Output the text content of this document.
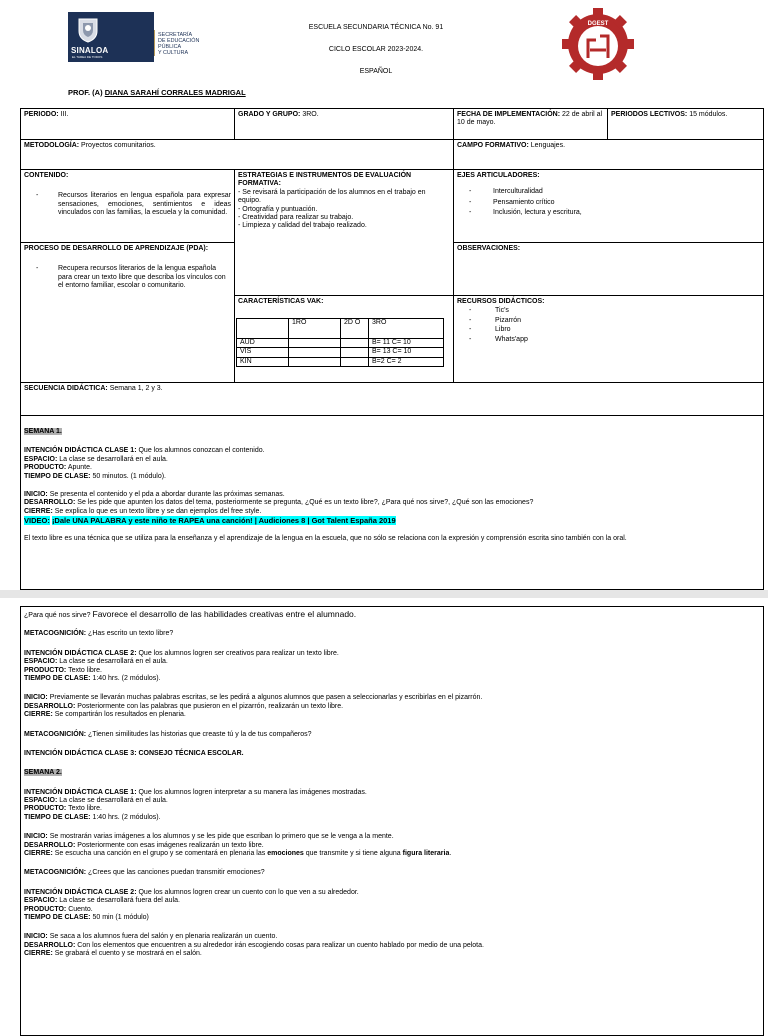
SINALOA
EL TAREA DE TODOS
SECRETARÍA
DE EDUCACIÓN
PÚBLICA
Y CULTURA
ESCUELA SECUNDARIA TÉCNICA No. 91
CICLO ESCOLAR 2023-2024.
ESPAÑOL
DGEST
PROF. (A) DIANA SARAHÍ CORRALES MADRIGAL
PERIODO: III.	GRADO Y GRUPO: 3RO.	FECHA DE IMPLEMENTACIÓN: 22 de abril al 10 de mayo.
PERIODOS LECTIVOS: 15 módulos.
METODOLOGÍA: Proyectos comunitarios.	CAMPO FORMATIVO: Lenguajes.
CONTENIDO:
- Recursos literarios en lengua española para expresar sensaciones, emociones, sentimientos e ideas vinculados con las familias, la escuela y la comunidad.
ESTRATEGIAS E INSTRUMENTOS DE EVALUACIÓN FORMATIVA:
- Se revisará la participación de los alumnos en el trabajo en equipo.
- Ortografía y puntuación.
- Creatividad para realizar su trabajo.
- Limpieza y calidad del trabajo realizado.
EJES ARTICULADORES:
- Interculturalidad
- Pensamiento crítico
- Inclusión, lectura y escritura,
PROCESO DE DESARROLLO DE APRENDIZAJE (PDA):
- Recupera recursos literarios de la lengua española para crear un texto libre que describa los vínculos con el entorno familiar, escolar o comunitario.
OBSERVACIONES:
CARACTERÍSTICAS VAK:
	1RO	2D O	3RO
AUD			B= 11 C= 10
VIS			B= 13 C= 10
KIN			B=2 C= 2
RECURSOS DIDÁCTICOS:
- Tic's
- Pizarrón
- Libro
- Whats'app
SECUENCIA DIDÁCTICA: Semana 1, 2 y 3.
SEMANA 1.

INTENCIÓN DIDÁCTICA CLASE 1: Que los alumnos conozcan el contenido.

ESPACIO: La clase se desarrollará en el aula.

PRODUCTO: Apunte.

TIEMPO DE CLASE: 50 minutos. (1 módulo).

INICIO: Se presenta el contenido y el pda a abordar durante las próximas semanas.

DESARROLLO: Se les pide que apunten los datos del tema, posteriormente se pregunta, ¿Qué es un texto libre?, ¿Para qué nos sirve?, ¿Qué son las emociones?

CIERRE: Se explica lo que es un texto libre y se dan ejemplos del free style.

VIDEO: ¡Dale UNA PALABRA y este niño te RAPEA una canción! | Audiciones 8 | Got Talent España 2019

El texto libre es una técnica que se utiliza para la enseñanza y el aprendizaje de la lengua en la escuela, que no sólo se relaciona con la expresión y comprensión escrita sino también con la oral.

¿Para qué nos sirve? Favorece el desarrollo de las habilidades creativas entre el alumnado.
METACOGNICIÓN: ¿Has escrito un texto libre?

INTENCIÓN DIDÁCTICA CLASE 2: Que los alumnos logren ser creativos para realizar un texto libre.

ESPACIO: La clase se desarrollará en el aula.

PRODUCTO: Texto libre.

TIEMPO DE CLASE: 1:40 hrs. (2 módulos).

INICIO: Previamente se llevarán muchas palabras escritas, se les pedirá a algunos alumnos que pasen a seleccionarlas y escribirlas en el pizarrón.

DESARROLLO: Posteriormente con las palabras que pusieron en el pizarrón, realizarán un texto libre.

CIERRE: Se compartirán los resultados en plenaria.

METACOGNICIÓN: ¿Tienen similitudes las historias que creaste tú y la de tus compañeros?
INTENCIÓN DIDÁCTICA CLASE 3: CONSEJO TÉCNICA ESCOLAR.
SEMANA 2.

INTENCIÓN DIDÁCTICA CLASE 1: Que los alumnos logren interpretar a su manera las imágenes mostradas.

ESPACIO: La clase se desarrollará en el aula.

PRODUCTO: Texto libre.

TIEMPO DE CLASE: 1:40 hrs. (2 módulos).

INICIO: Se mostrarán varias imágenes a los alumnos y se les pide que escriban lo primero que se le venga a la mente.

DESARROLLO: Posteriormente con esas imágenes realizarán un texto libre.

CIERRE: Se escucha una canción en el grupo y se comentará en plenaria las emociones que transmite y si tiene alguna figura literaria.

METACOGNICIÓN: ¿Crees que las canciones puedan transmitir emociones?

INTENCIÓN DIDÁCTICA CLASE 2: Que los alumnos logren crear un cuento con lo que ven a su alrededor.

ESPACIO: La clase se desarrollará fuera del aula.

PRODUCTO: Cuento.

TIEMPO DE CLASE: 50 min (1 módulo)

INICIO: Se saca a los alumnos fuera del salón y en plenaria realizarán un cuento.

DESARROLLO: Con los elementos que encuentren a su alrededor irán escogiendo cosas para realizar un cuento hablado por medio de una pelota.

CIERRE: Se grabará el cuento y se mostrará en el salón.
